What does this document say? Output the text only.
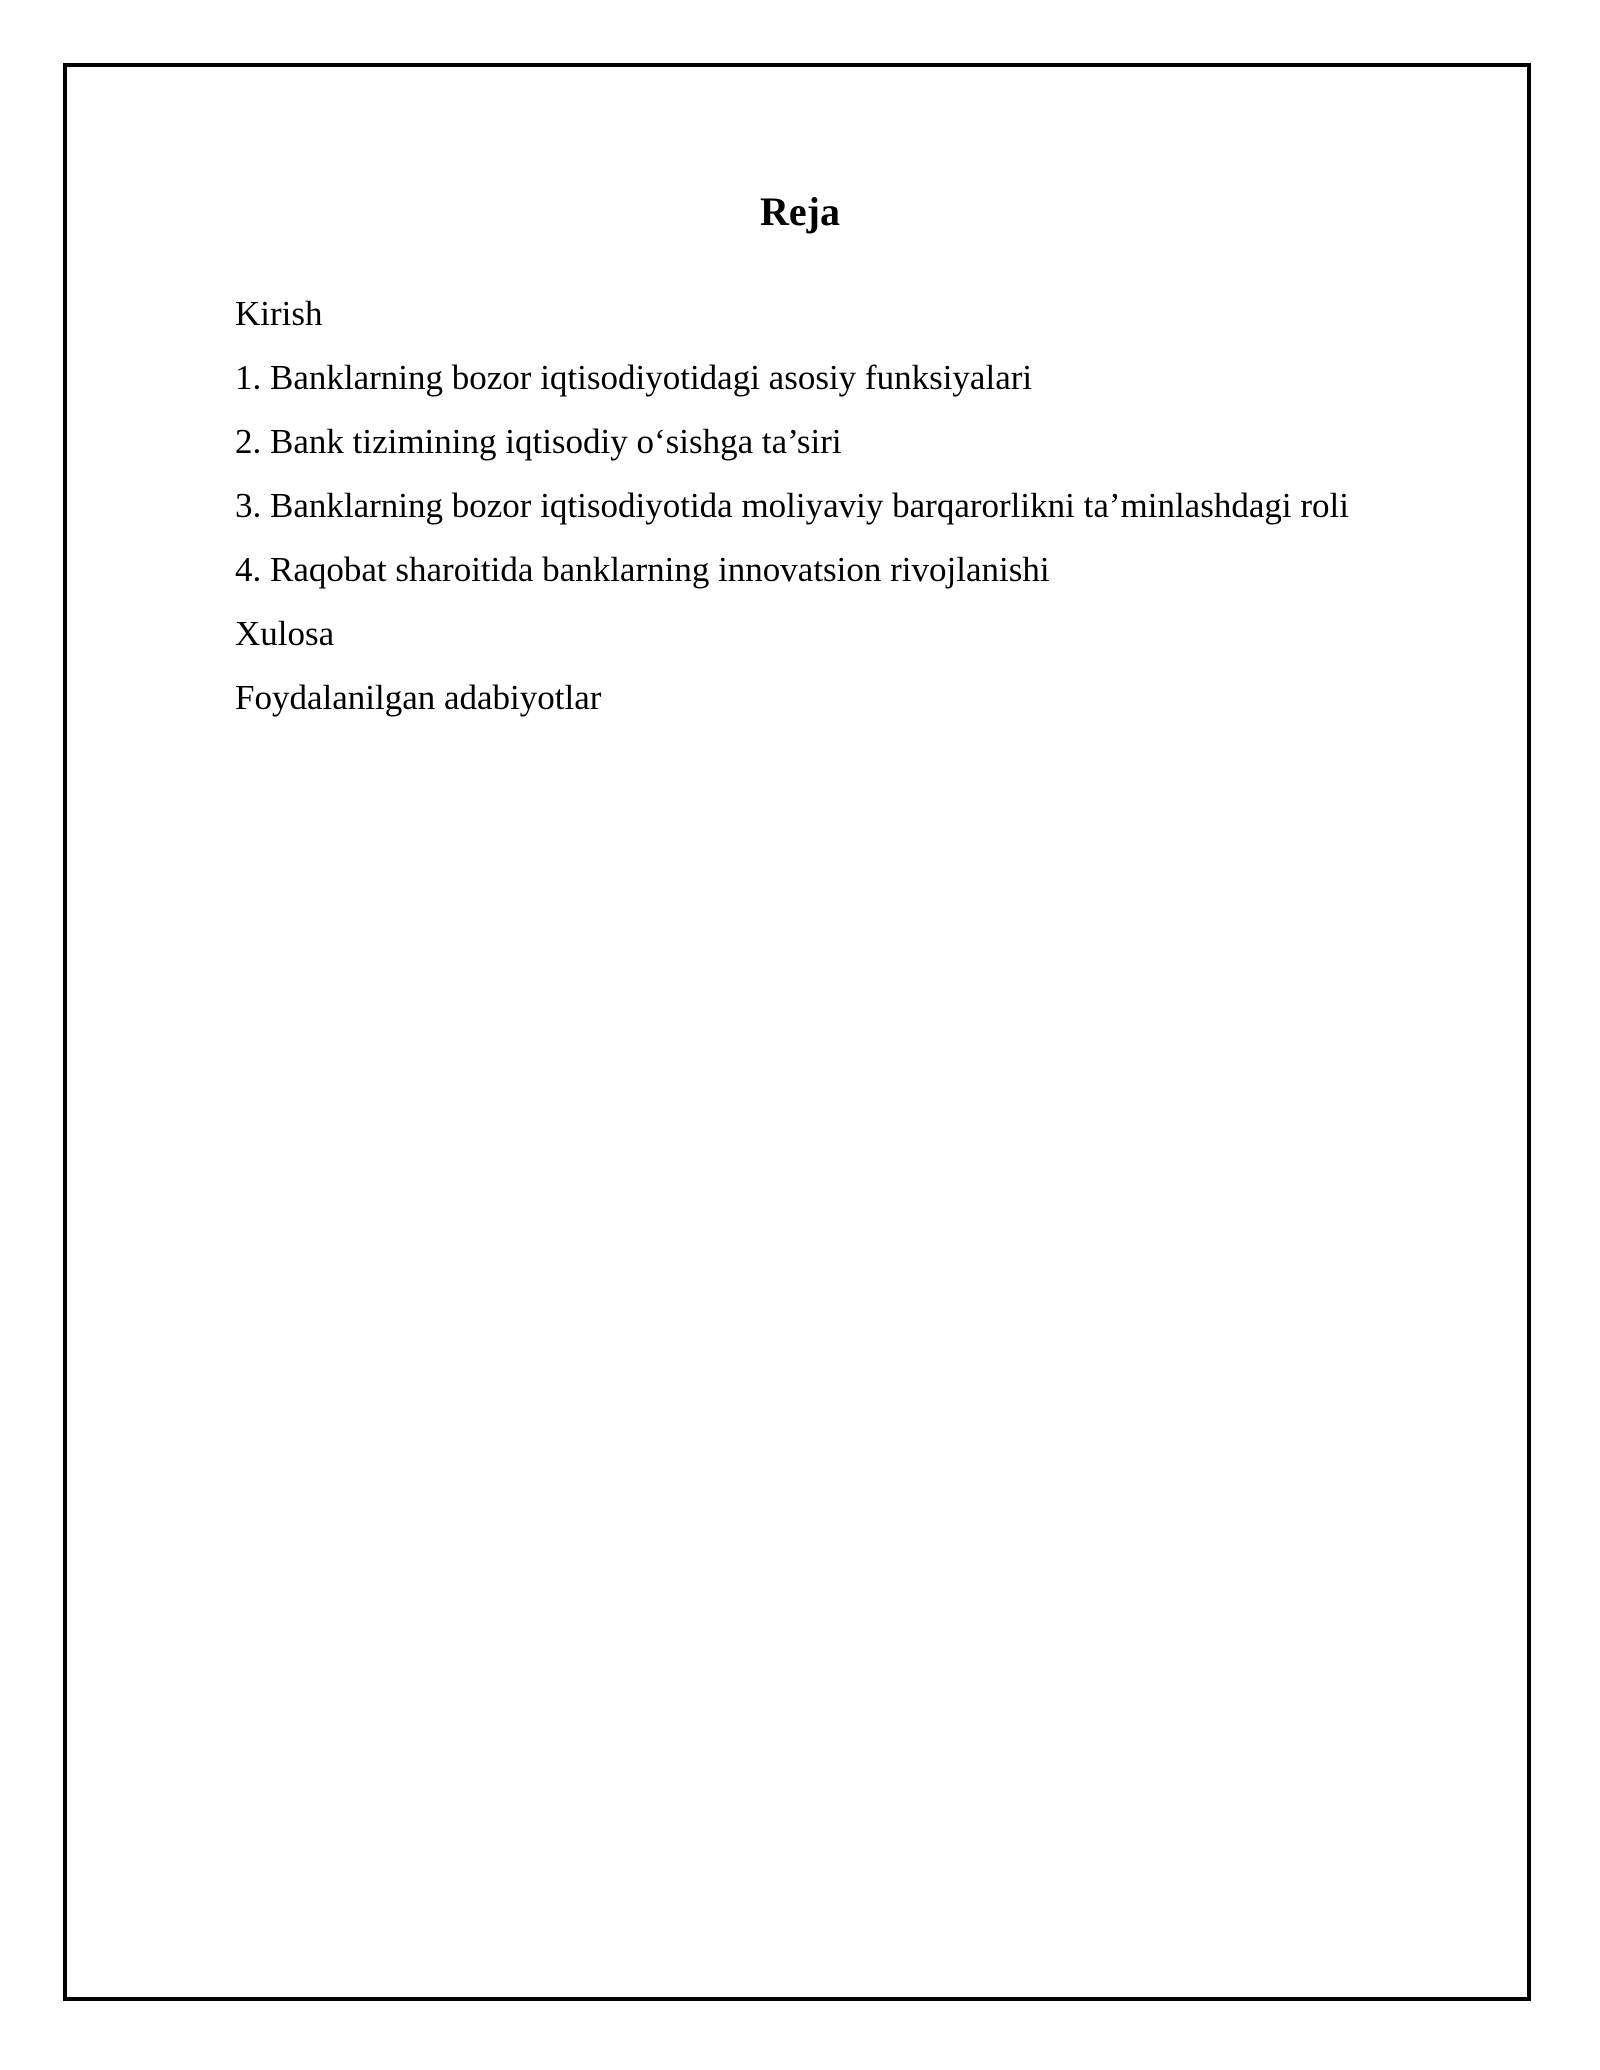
Reja
Kirish
1. Banklarning bozor iqtisodiyotidagi asosiy funksiyalari
2. Bank tizimining iqtisodiy o‘sishga ta’siri
3. Banklarning bozor iqtisodiyotida moliyaviy barqarorlikni ta’minlashdagi roli
4. Raqobat sharoitida banklarning innovatsion rivojlanishi
Xulosa
Foydalanilgan adabiyotlar
